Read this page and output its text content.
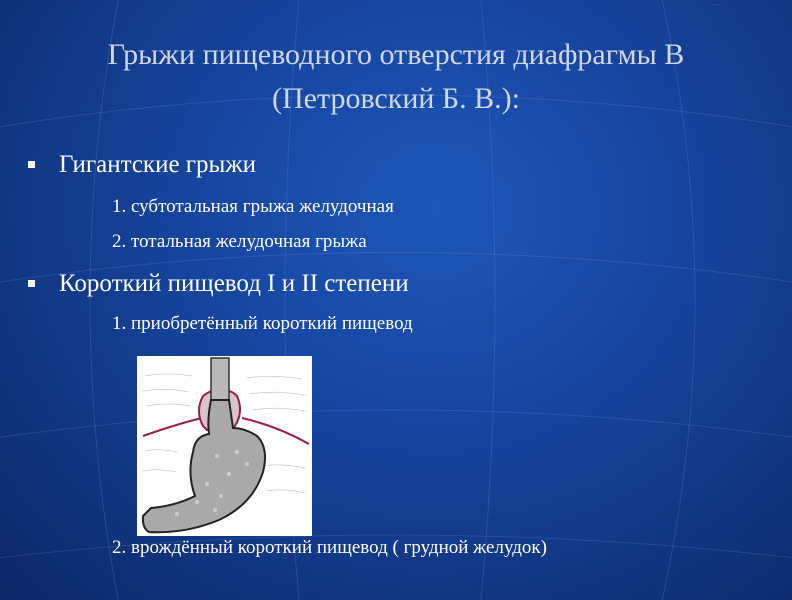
·····
Грыжи пищеводного отверстия диафрагмы В
(Петровский Б. В.):
Гигантские грыжи
1. субтотальная грыжа желудочная
2. тотальная желудочная грыжа
Короткий пищевод I и II степени
1. приобретённый короткий пищевод
2. врождённый короткий пищевод ( грудной желудок)
